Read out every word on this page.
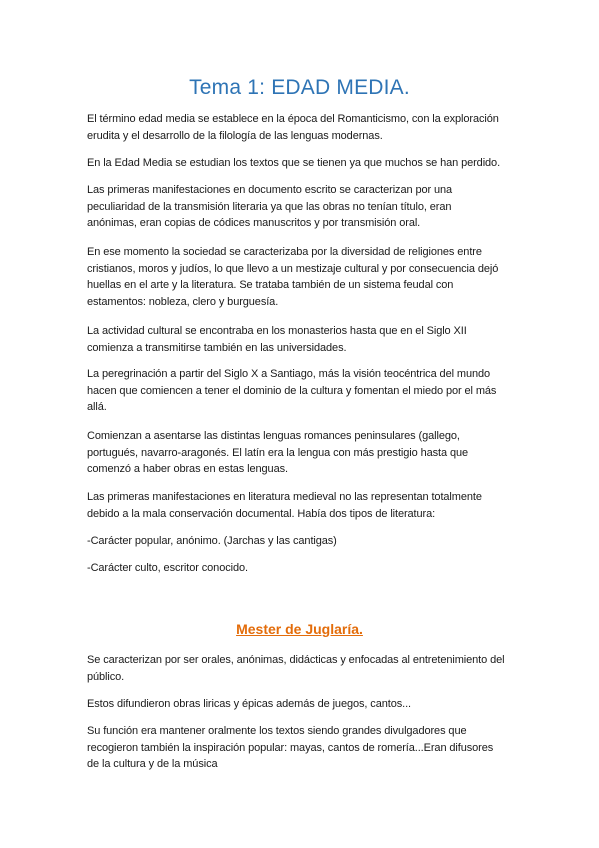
Tema 1: EDAD MEDIA.

El término edad media se establece en la época del Romanticismo, con la exploración
erudita y el desarrollo de la filología de las lenguas modernas.

En la Edad Media se estudian los textos que se tienen ya que muchos se han perdido.

Las primeras manifestaciones en documento escrito se caracterizan por una
peculiaridad de la transmisión literaria ya que las obras no tenían título, eran
anónimas, eran copias de códices manuscritos y por transmisión oral.

En ese momento la sociedad se caracterizaba por la diversidad de religiones entre
cristianos, moros y judíos, lo que llevo a un mestizaje cultural y por consecuencia dejó
huellas en el arte y la literatura. Se trataba también de un sistema feudal con
estamentos: nobleza, clero y burguesía.

La actividad cultural se encontraba en los monasterios hasta que en el Siglo XII
comienza a transmitirse también en las universidades.

La peregrinación a partir del Siglo X a Santiago, más la visión teocéntrica del mundo
hacen que comiencen a tener el dominio de la cultura y fomentan el miedo por el más
allá.

Comienzan a asentarse las distintas lenguas romances peninsulares (gallego,
portugués, navarro-aragonés. El latín era la lengua con más prestigio hasta que
comenzó a haber obras en estas lenguas.

Las primeras manifestaciones en literatura medieval no las representan totalmente
debido a la mala conservación documental. Había dos tipos de literatura:

-Carácter popular, anónimo. (Jarchas y las cantigas)

-Carácter culto, escritor conocido.

Mester de Juglaría.

Se caracterizan por ser orales, anónimas, didácticas y enfocadas al entretenimiento del
público.

Estos difundieron obras liricas y épicas además de juegos, cantos...

Su función era mantener oralmente los textos siendo grandes divulgadores que
recogieron también la inspiración popular: mayas, cantos de romería...Eran difusores
de la cultura y de la música
